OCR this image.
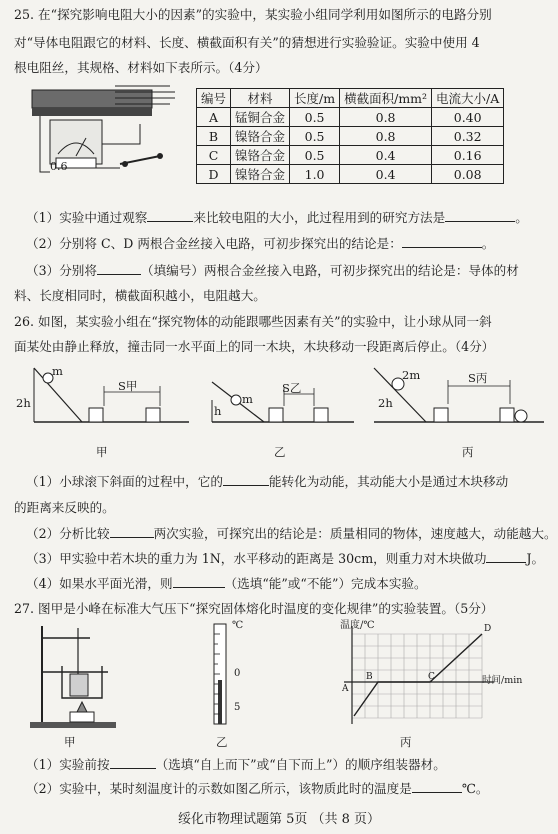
25. 在“探究影响电阻大小的因素”的实验中，某实验小组同学利用如图所示的电路分别
对“导体电阻跟它的材料、长度、横截面积有关”的猜想进行实验验证。实验中使用 4
根电阻丝，其规格、材料如下表所示。（4分）
0.6
编号	材料	长度/m	横截面积/mm²	电流大小/A
A	锰铜合金	0.5	0.8	0.40
B	镍铬合金	0.5	0.8	0.32
C	镍铬合金	0.5	0.4	0.16
D	镍铬合金	1.0	0.4	0.08
（1）实验中通过观察	来比较电阻的大小，此过程用到的研究方法是	。
（2）分别将 C、D 两根合金丝接入电路，可初步探究出的结论是：	。
（3）分别将	（填编号）两根合金丝接入电路，可初步探究出的结论是：导体的材
料、长度相同时，横截面积越小，电阻越大。
26. 如图，某实验小组在“探究物体的动能跟哪些因素有关”的实验中，让小球从同一斜
面某处由静止释放，撞击同一水平面上的同一木块，木块移动一段距离后停止。（4分）
m
2h
S甲
甲
m
h
S乙
乙
2m
2h
S丙
丙
（1）小球滚下斜面的过程中，它的	能转化为动能，其动能大小是通过木块移动
的距离来反映的。
（2）分析比较	两次实验，可探究出的结论是：质量相同的物体，速度越大，动能越大。
（3）甲实验中若木块的重力为 1N，水平移动的距离是 30cm，则重力对木块做功	J。
（4）如果水平面光滑，则	（选填“能”或“不能”）完成本实验。
27. 图甲是小峰在标准大气压下“探究固体熔化时温度的变化规律”的实验装置。（5分）
甲
℃
0
5
乙
温度/℃
时间/min
A
B	C
D
丙
（1）实验前按	（选填“自上而下”或“自下而上”）的顺序组装器材。
（2）实验中，某时刻温度计的示数如图乙所示，该物质此时的温度是	℃。
绥化市物理试题第 5页 （共 8 页）
